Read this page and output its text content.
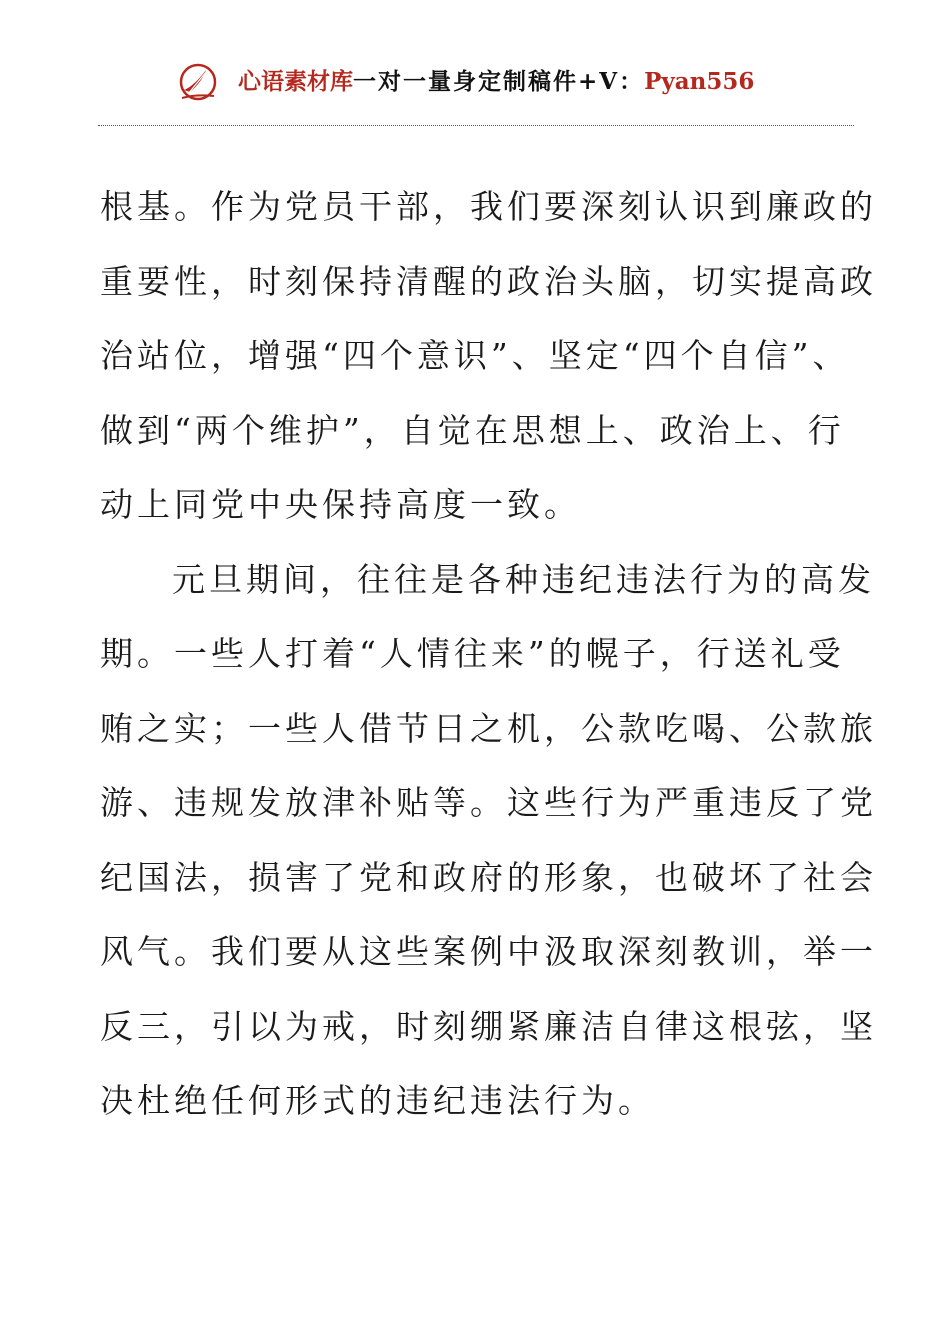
心语素材库一对一量身定制稿件+V：Pyan556
根基。作为党员干部，我们要深刻认识到廉政的
重要性，时刻保持清醒的政治头脑，切实提高政
治站位，增强“四个意识”、坚定“四个自信”、
做到“两个维护”，自觉在思想上、政治上、行
动上同党中央保持高度一致。
元旦期间，往往是各种违纪违法行为的高发
期。一些人打着“人情往来”的幌子，行送礼受
贿之实；一些人借节日之机，公款吃喝、公款旅
游、违规发放津补贴等。这些行为严重违反了党
纪国法，损害了党和政府的形象，也破坏了社会
风气。我们要从这些案例中汲取深刻教训，举一
反三，引以为戒，时刻绷紧廉洁自律这根弦，坚
决杜绝任何形式的违纪违法行为。
